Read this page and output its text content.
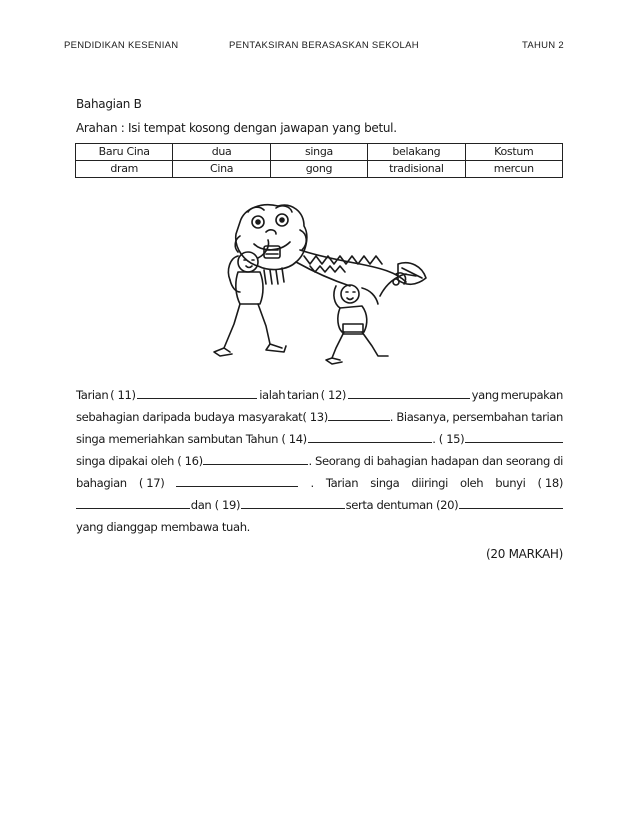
PENDIDIKAN KESENIAN	PENTAKSIRAN BERASASKAN SEKOLAH	TAHUN 2
Bahagian B
Arahan : Isi tempat kosong dengan jawapan yang betul.
Baru Cina	dua	singa	belakang	Kostum
dram	Cina	gong	tradisional	mercun
Tarian ( 11)	ialah tarian ( 12)	yang merupakan
sebahagian daripada budaya masyarakat( 13)	. Biasanya, persembahan tarian
singa memeriahkan sambutan Tahun ( 14)	. ( 15)
singa dipakai oleh ( 16)	. Seorang di bahagian hadapan dan seorang di
bahagian ( 17)	. Tarian singa diiringi oleh bunyi ( 18)
dan ( 19)	serta dentuman (20)
yang dianggap membawa tuah.
(20 MARKAH)
